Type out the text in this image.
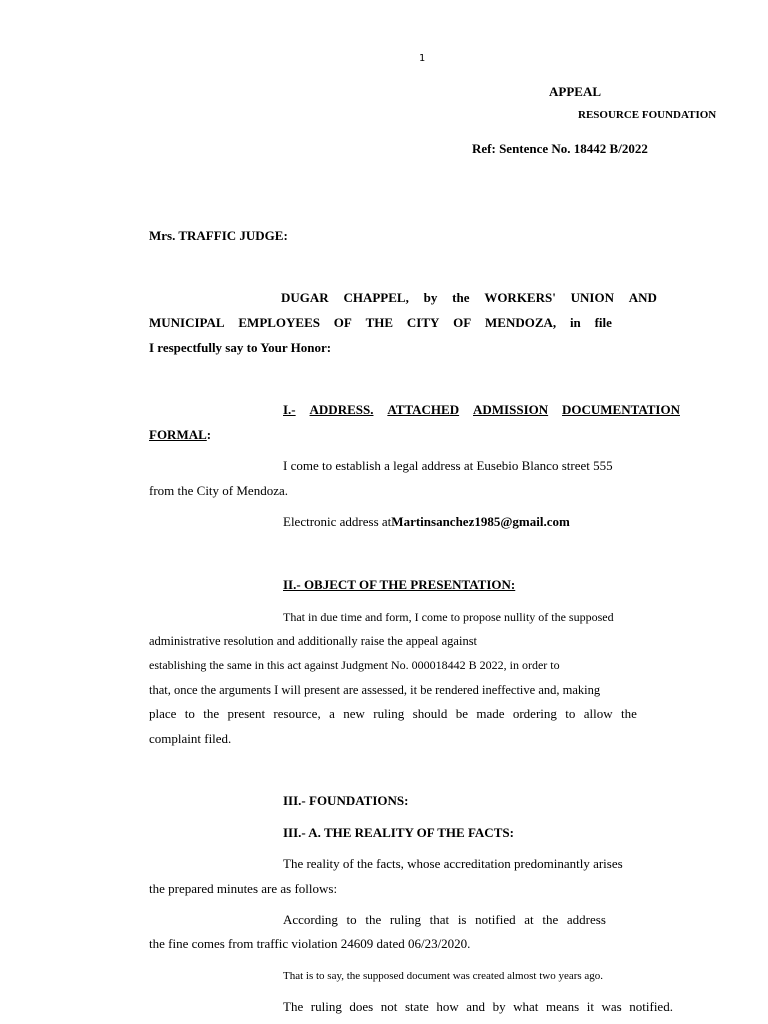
1
APPEAL
RESOURCE FOUNDATION
Ref: Sentence No. 18442 B/2022
Mrs. TRAFFIC JUDGE:
DUGAR CHAPPEL, by the WORKERS' UNION AND
MUNICIPAL EMPLOYEES OF THE CITY OF MENDOZA, in file
I respectfully say to Your Honor:
I.- ADDRESS. ATTACHED ADMISSION DOCUMENTATION
FORMAL:
I come to establish a legal address at Eusebio Blanco street 555
from the City of Mendoza.
Electronic address atMartinsanchez1985@gmail.com
II.- OBJECT OF THE PRESENTATION:
That in due time and form, I come to propose nullity of the supposed
administrative resolution and additionally raise the appeal against
establishing the same in this act against Judgment No. 000018442 B 2022, in order to
that, once the arguments I will present are assessed, it be rendered ineffective and, making
place to the present resource, a new ruling should be made ordering to allow the
complaint filed.
III.- FOUNDATIONS:
III.- A. THE REALITY OF THE FACTS:
The reality of the facts, whose accreditation predominantly arises
the prepared minutes are as follows:
According to the ruling that is notified at the address
the fine comes from traffic violation 24609 dated 06/23/2020.
That is to say, the supposed document was created almost two years ago.
The ruling does not state how and by what means it was notified.
